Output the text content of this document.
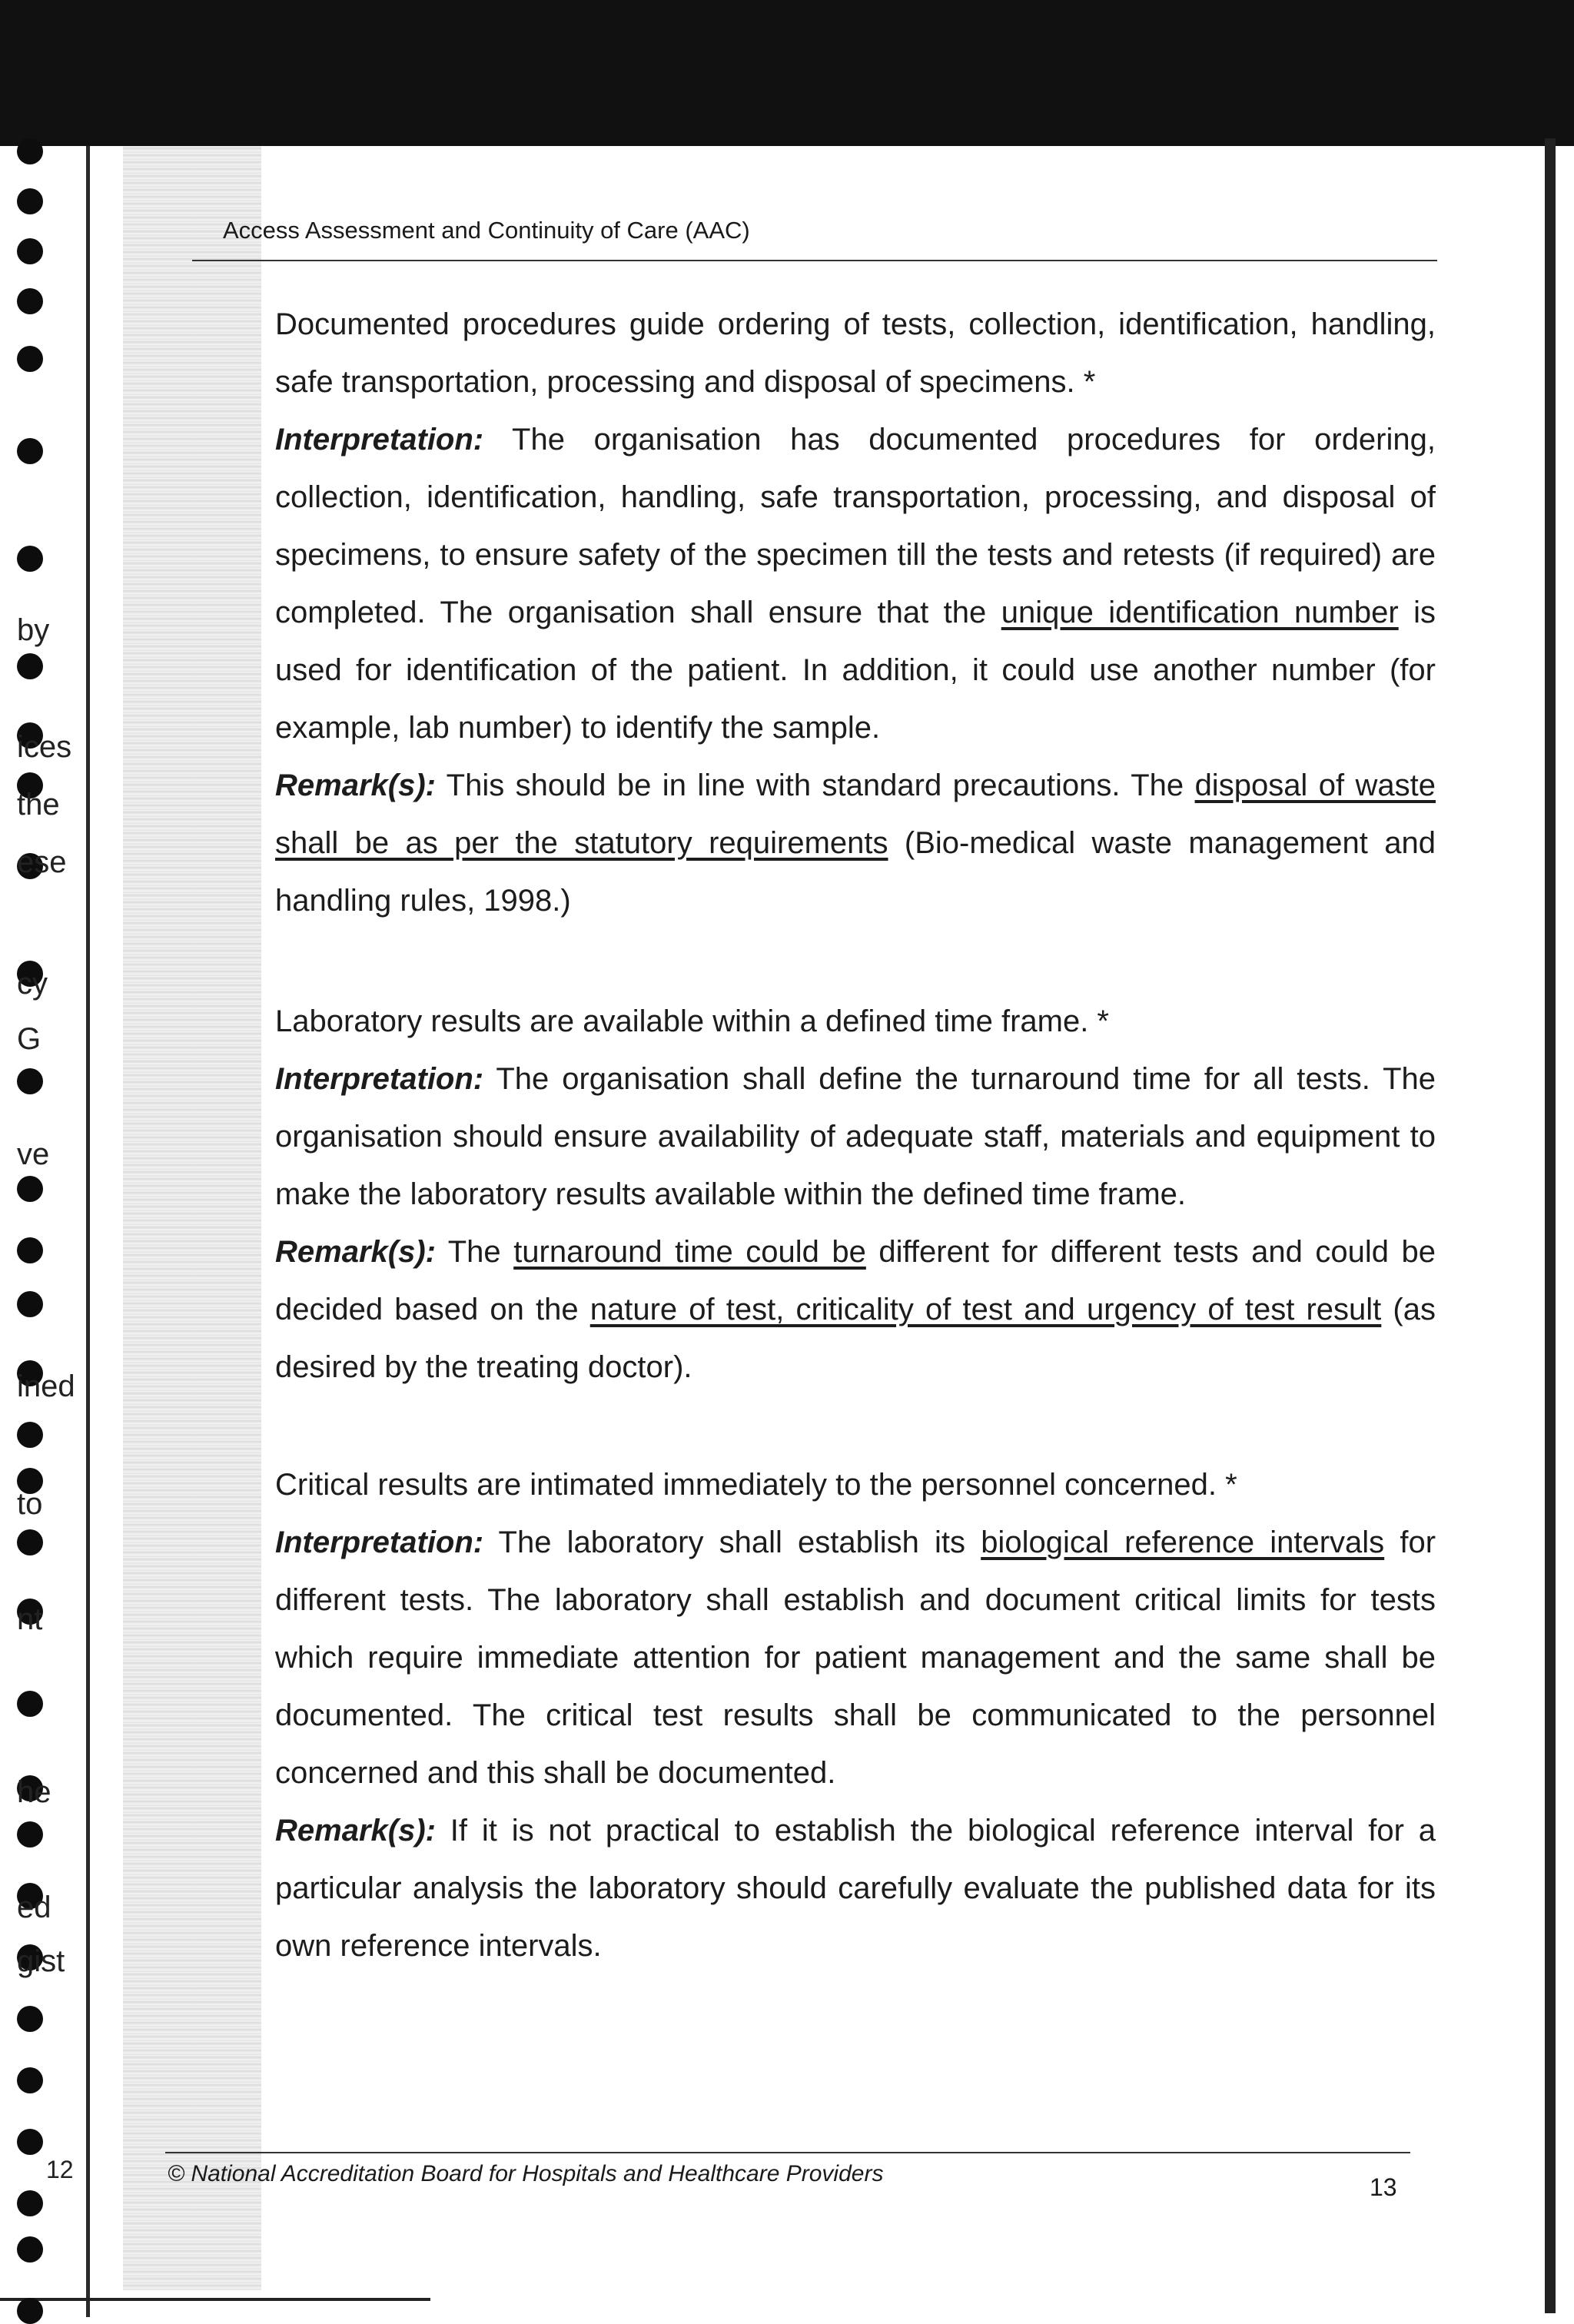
by
ices
the
ese
cy
G
ve
ined
to
nt
he
ed
gist
12
Access Assessment and Continuity of Care (AAC)

Documented procedures guide ordering of tests, collection, identification, handling, safe transportation, processing and disposal of specimens. *

Interpretation: The organisation has documented procedures for ordering, collection, identification, handling, safe transportation, processing, and disposal of specimens, to ensure safety of the specimen till the tests and retests (if required) are completed. The organisation shall ensure that the unique identification number is used for identification of the patient. In addition, it could use another number (for example, lab number) to identify the sample.

Remark(s): This should be in line with standard precautions. The disposal of waste shall be as per the statutory requirements (Bio-medical waste management and handling rules, 1998.)

Laboratory results are available within a defined time frame. *

Interpretation: The organisation shall define the turnaround time for all tests. The organisation should ensure availability of adequate staff, materials and equipment to make the laboratory results available within the defined time frame.

Remark(s): The turnaround time could be different for different tests and could be decided based on the nature of test, criticality of test and urgency of test result (as desired by the treating doctor).

Critical results are intimated immediately to the personnel concerned. *

Interpretation: The laboratory shall establish its biological reference intervals for different tests. The laboratory shall establish and document critical limits for tests which require immediate attention for patient management and the same shall be documented. The critical test results shall be communicated to the personnel concerned and this shall be documented.

Remark(s): If it is not practical to establish the biological reference interval for a particular analysis the laboratory should carefully evaluate the published data for its own reference intervals.

© National Accreditation Board for Hospitals and Healthcare Providers	13
